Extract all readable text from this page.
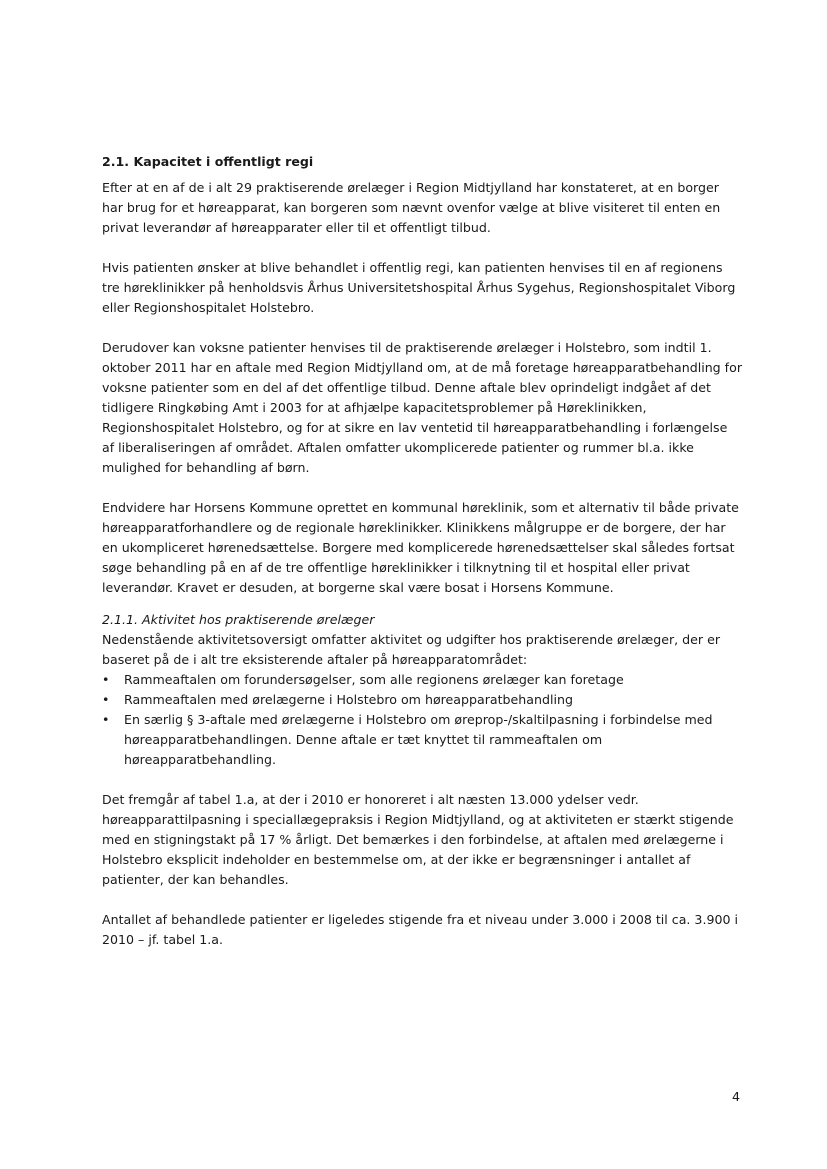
2.1. Kapacitet i offentligt regi

Efter at en af de i alt 29 praktiserende ørelæger i Region Midtjylland har konstateret, at en borger har brug for et høreapparat, kan borgeren som nævnt ovenfor vælge at blive visiteret til enten en privat leverandør af høreapparater eller til et offentligt tilbud.

Hvis patienten ønsker at blive behandlet i offentlig regi, kan patienten henvises til en af regionens tre høreklinikker på henholdsvis Århus Universitetshospital Århus Sygehus, Regionshospitalet Viborg eller Regionshospitalet Holstebro.

Derudover kan voksne patienter henvises til de praktiserende ørelæger i Holstebro, som indtil 1. oktober 2011 har en aftale med Region Midtjylland om, at de må foretage høreapparatbehandling for voksne patienter som en del af det offentlige tilbud. Denne aftale blev oprindeligt indgået af det tidligere Ringkøbing Amt i 2003 for at afhjælpe kapacitetsproblemer på Høreklinikken, Regionshospitalet Holstebro, og for at sikre en lav ventetid til høreapparatbehandling i forlængelse af liberaliseringen af området. Aftalen omfatter ukomplicerede patienter og rummer bl.a. ikke mulighed for behandling af børn.

Endvidere har Horsens Kommune oprettet en kommunal høreklinik, som et alternativ til både private høreapparatforhandlere og de regionale høreklinikker. Klinikkens målgruppe er de borgere, der har en ukompliceret hørenedsættelse. Borgere med komplicerede hørenedsættelser skal således fortsat søge behandling på en af de tre offentlige høreklinikker i tilknytning til et hospital eller privat leverandør. Kravet er desuden, at borgerne skal være bosat i Horsens Kommune.

2.1.1. Aktivitet hos praktiserende ørelæger

Nedenstående aktivitetsoversigt omfatter aktivitet og udgifter hos praktiserende ørelæger, der er baseret på de i alt tre eksisterende aftaler på høreapparatområdet:

• Rammeaftalen om forundersøgelser, som alle regionens ørelæger kan foretage
• Rammeaftalen med ørelægerne i Holstebro om høreapparatbehandling
• En særlig § 3-aftale med ørelægerne i Holstebro om øreprop-/skaltilpasning i forbindelse med høreapparatbehandlingen. Denne aftale er tæt knyttet til rammeaftalen om høreapparatbehandling.

Det fremgår af tabel 1.a, at der i 2010 er honoreret i alt næsten 13.000 ydelser vedr. høreapparattilpasning i speciallægepraksis i Region Midtjylland, og at aktiviteten er stærkt stigende med en stigningstakt på 17 % årligt. Det bemærkes i den forbindelse, at aftalen med ørelægerne i Holstebro eksplicit indeholder en bestemmelse om, at der ikke er begrænsninger i antallet af patienter, der kan behandles.

Antallet af behandlede patienter er ligeledes stigende fra et niveau under 3.000 i 2008 til ca. 3.900 i 2010 – jf. tabel 1.a.

4
